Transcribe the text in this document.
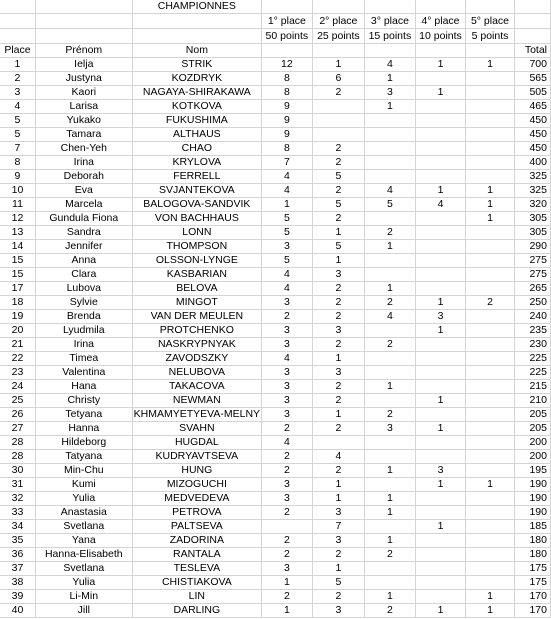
		CHAMPIONNES						
			1° place	2° place	3° place	4° place	5° place	
			50 points	25 points	15 points	10 points	5 points	
Place	Prénom	Nom						Total
1	Ielja	STRIK	12	1	4	1	1	700
2	Justyna	KOZDRYK	8	6	1			565
3	Kaori	NAGAYA-SHIRAKAWA	8	2	3	1		505
4	Larisa	KOTKOVA	9		1			465
5	Yukako	FUKUSHIMA	9					450
5	Tamara	ALTHAUS	9					450
7	Chen-Yeh	CHAO	8	2				450
8	Irina	KRYLOVA	7	2				400
9	Deborah	FERRELL	4	5				325
10	Eva	SVJANTEKOVA	4	2	4	1	1	325
11	Marcela	BALOGOVA-SANDVIK	1	5	5	4	1	320
12	Gundula Fiona	VON BACHHAUS	5	2			1	305
13	Sandra	LONN	5	1	2			305
14	Jennifer	THOMPSON	3	5	1			290
15	Anna	OLSSON-LYNGE	5	1				275
15	Clara	KASBARIAN	4	3				275
17	Lubova	BELOVA	4	2	1			265
18	Sylvie	MINGOT	3	2	2	1	2	250
19	Brenda	VAN DER MEULEN	2	2	4	3		240
20	Lyudmila	PROTCHENKO	3	3		1		235
21	Irina	NASKRYPNYAK	3	2	2			230
22	Timea	ZAVODSZKY	4	1				225
23	Valentina	NELUBOVA	3	3				225
24	Hana	TAKACOVA	3	2	1			215
25	Christy	NEWMAN	3	2		1		210
26	Tetyana	KHMAMYETYEVA-MELNY	3	1	2			205
27	Hanna	SVAHN	2	2	3	1		205
28	Hildeborg	HUGDAL	4					200
28	Tatyana	KUDRYAVTSEVA	2	4				200
30	Min-Chu	HUNG	2	2	1	3		195
31	Kumi	MIZOGUCHI	3	1		1	1	190
32	Yulia	MEDVEDEVA	3	1	1			190
33	Anastasia	PETROVA	2	3	1			190
34	Svetlana	PALTSEVA		7		1		185
35	Yana	ZADORINA	2	3	1			180
36	Hanna-Elisabeth	RANTALA	2	2	2			180
37	Svetlana	TESLEVA	3	1				175
38	Yulia	CHISTIAKOVA	1	5				175
39	Li-Min	LIN	2	2	1		1	170
40	Jill	DARLING	1	3	2	1	1	170
